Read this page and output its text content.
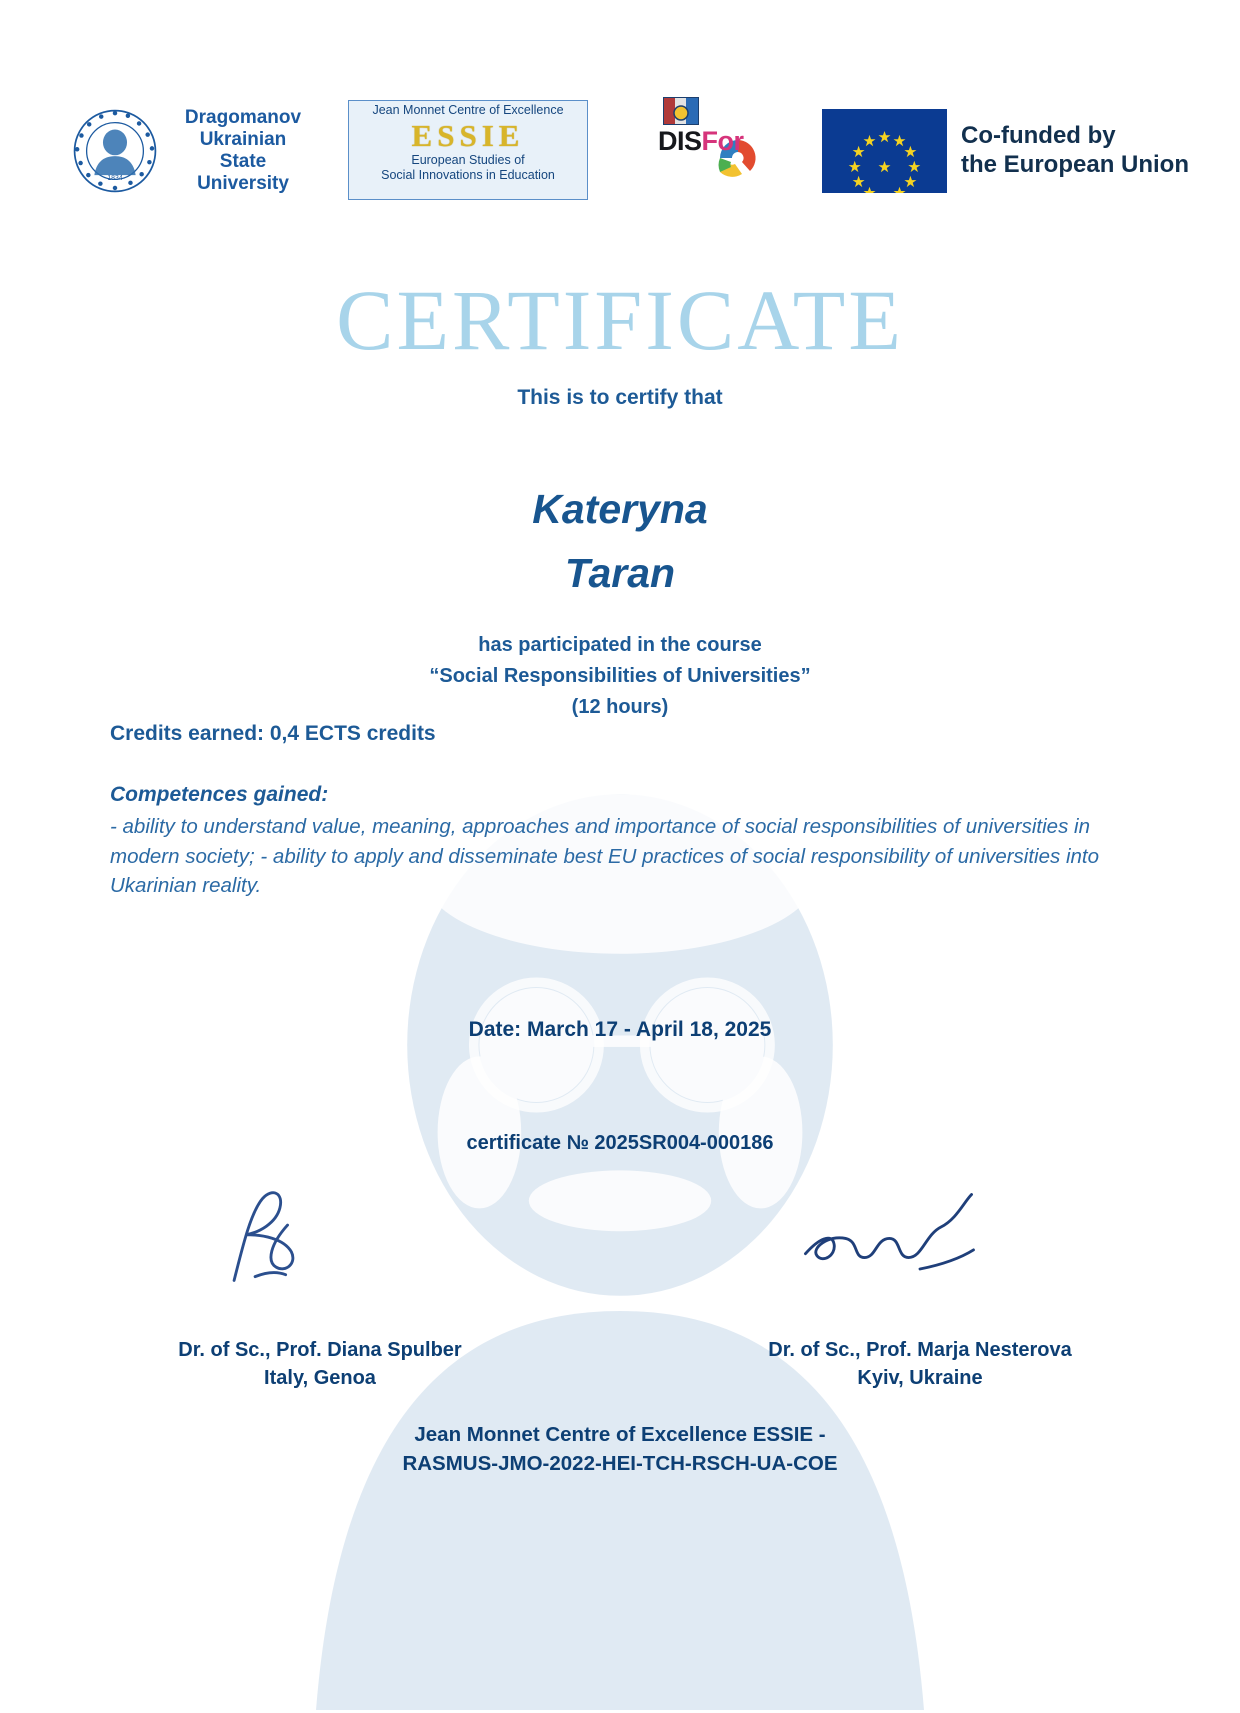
1834
Dragomanov
Ukrainian
State
University
Jean Monnet Centre of Excellence
ESSIE
European Studies of
Social Innovations in Education
DISFor	Co-funded by
the European Union
CERTIFICATE
This is to certify that
Kateryna
Taran
has participated in the course
“Social Responsibilities of Universities”
(12 hours)
Credits earned: 0,4 ECTS credits
Competences gained:
- ability to understand value, meaning, approaches and importance of social responsibilities of universities in modern society; - ability to apply and disseminate best EU practices of social responsibility of universities into Ukarinian reality.
Date: March 17 - April 18, 2025
certificate № 2025SR004-000186
Dr. of Sc., Prof. Diana Spulber
Italy, Genoa
Dr. of Sc., Prof. Marja Nesterova
Kyiv, Ukraine
Jean Monnet Centre of Excellence ESSIE -
RASMUS-JMO-2022-HEI-TCH-RSCH-UA-COE
